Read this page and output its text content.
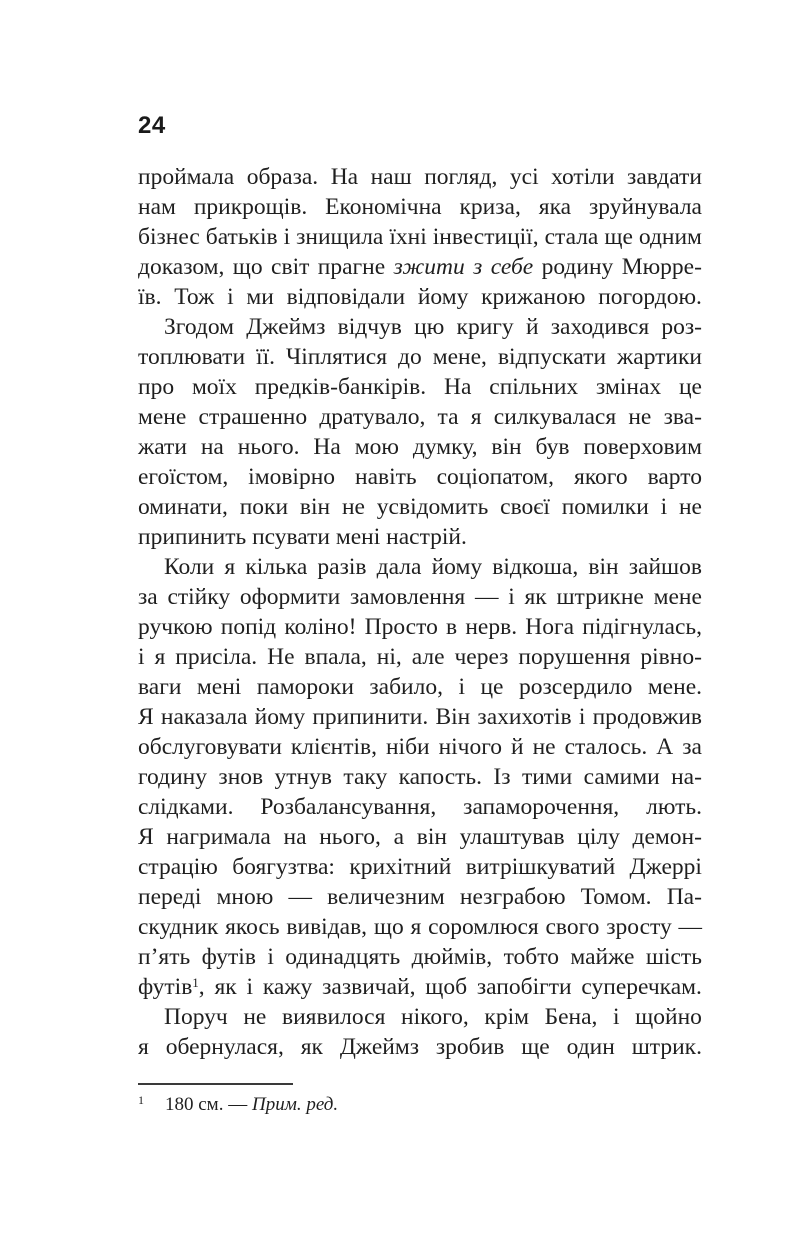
24
проймала образа. На наш погляд, усі хотіли завдати
нам прикрощів. Економічна криза, яка зруйнувала
бізнес батьків і знищила їхні інвестиції, стала ще одним
доказом, що світ прагне зжити з себе родину Мюрре-
їв. Тож і ми відповідали йому крижаною погордою.
Згодом Джеймз відчув цю кригу й заходився роз-
топлювати її. Чіплятися до мене, відпускати жартики
про моїх предків-банкірів. На спільних змінах це
мене страшенно дратувало, та я силкувалася не зва-
жати на нього. На мою думку, він був поверховим
егоїстом, імовірно навіть соціопатом, якого варто
оминати, поки він не усвідомить своєї помилки і не
припинить псувати мені настрій.
Коли я кілька разів дала йому відкоша, він зайшов
за стійку оформити замовлення — і як штрикне мене
ручкою попід коліно! Просто в нерв. Нога підігнулась,
і я присіла. Не впала, ні, але через порушення рівно-
ваги мені памороки забило, і це розсердило мене.
Я наказала йому припинити. Він захихотів і продовжив
обслуговувати клієнтів, ніби нічого й не сталось. А за
годину знов утнув таку капость. Із тими самими на-
слідками. Розбалансування, запаморочення, лють.
Я нагримала на нього, а він улаштував цілу демон-
страцію боягузтва: крихітний витрішкуватий Джеррі
переді мною — величезним незграбою Томом. Па-
скудник якось вивідав, що я соромлюся свого зросту —
п’ять футів і одинадцять дюймів, тобто майже шість
футів$^1$, як і кажу зазвичай, щоб запобігти суперечкам.
Поруч не виявилося нікого, крім Бена, і щойно
я обернулася, як Джеймз зробив ще один штрик.
1 180 см. — Прим. ред.
